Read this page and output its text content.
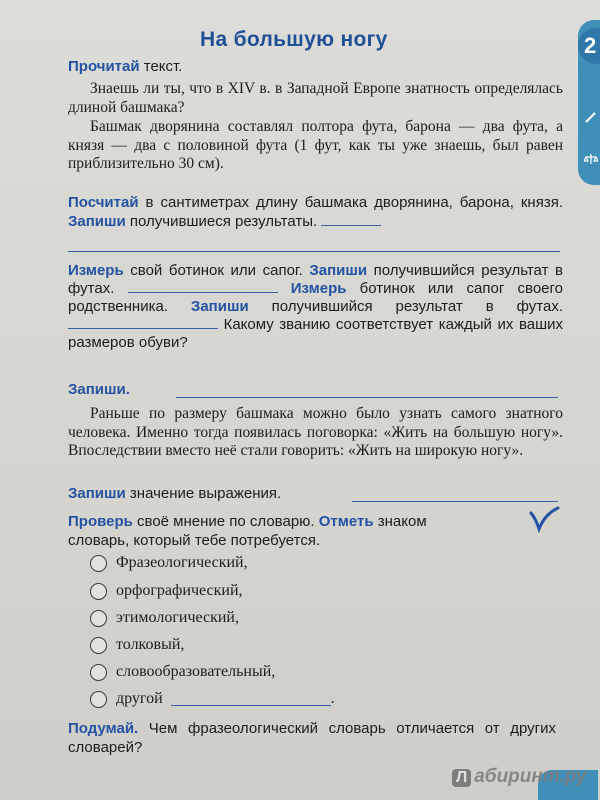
2
На большую ногу
Прочитай текст.
Знаешь ли ты, что в XIV в. в Западной Европе знатность определялась длиной башмака?
Башмак дворянина составлял полтора фута, барона — два фута, а князя — два с половиной фута (1 фут, как ты уже знаешь, был равен приблизительно 30 см).
Посчитай в сантиметрах длину башмака дворянина, барона, князя. Запиши получившиеся результаты.
Измерь свой ботинок или сапог. Запиши получившийся результат в футах.	Измерь ботинок или сапог своего родственника. Запиши получившийся результат в футах.  Какому званию соответствует каждый их ваших размеров обуви?
Запиши.
Раньше по размеру башмака можно было узнать самого знатного человека. Именно тогда появилась поговорка: «Жить на большую ногу». Впоследствии вместо неё стали говорить: «Жить на широкую ногу».
Запиши значение выражения.
Проверь своё мнение по словарю. Отметь знаком
словарь, который тебе потребуется.
Фразеологический,
орфографический,
этимологический,
толковый,
словообразовательный,
другой	.
Подумай. Чем фразеологический словарь отличается от других словарей?
Л абиринт.ру
